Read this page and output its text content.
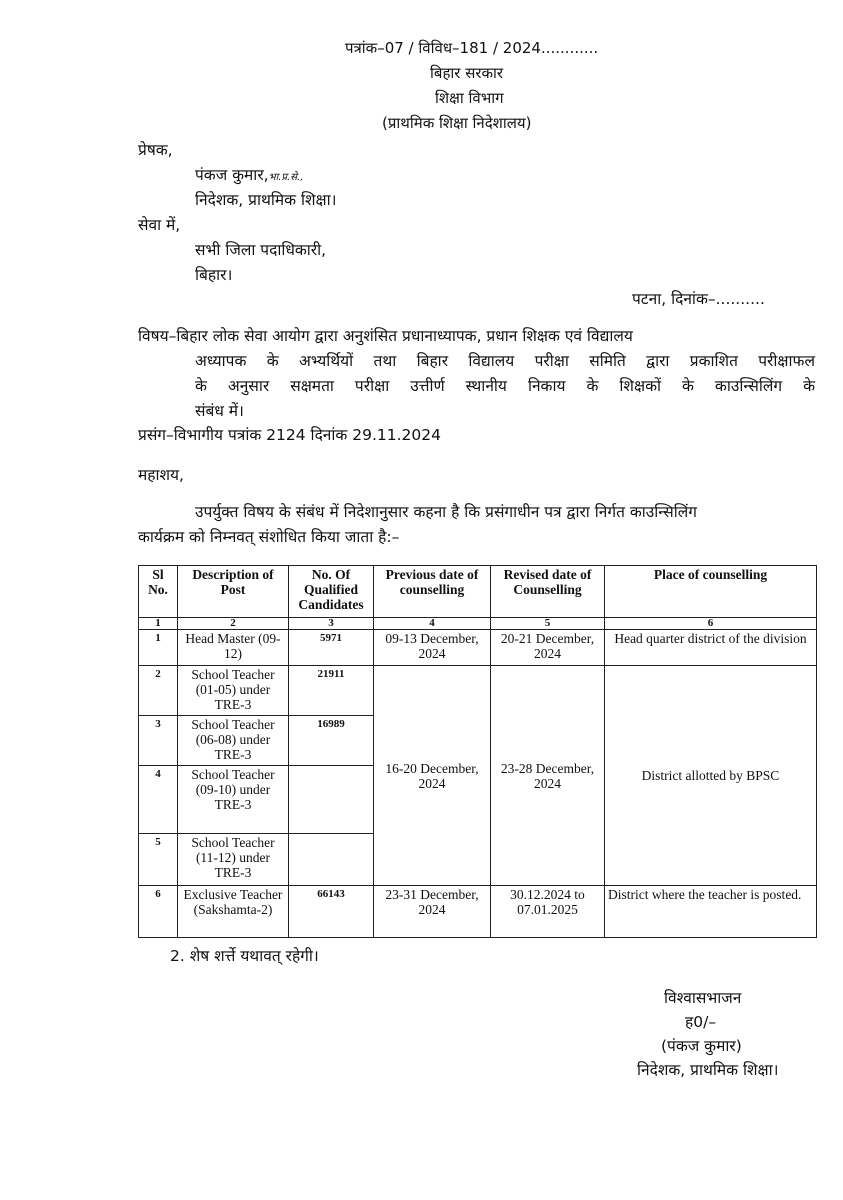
पत्रांक–07 / विविध–181 / 2024............
बिहार सरकार
शिक्षा विभाग
(प्राथमिक शिक्षा निदेशालय)
प्रेषक,
पंकज कुमार,भा.प्र.से.,
निदेशक, प्राथमिक शिक्षा।
सेवा में,
सभी जिला पदाधिकारी,
बिहार।
पटना, दिनांक–..........
विषय–बिहार लोक सेवा आयोग द्वारा अनुशंसित प्रधानाध्यापक, प्रधान शिक्षक एवं विद्यालय
अध्यापक के अभ्यर्थियों तथा बिहार विद्यालय परीक्षा समिति द्वारा प्रकाशित परीक्षाफल
के अनुसार सक्षमता परीक्षा उत्तीर्ण स्थानीय निकाय के शिक्षकों के काउन्सिलिंग के
संबंध में।
प्रसंग–विभागीय पत्रांक 2124 दिनांक 29.11.2024
महाशय,
उपर्युक्त विषय के संबंध में निदेशानुसार कहना है कि प्रसंगाधीन पत्र द्वारा निर्गत काउन्सिलिंग
कार्यक्रम को निम्नवत् संशोधित किया जाता है:–
Sl No.	Description of Post	No. Of Qualified Candidates	Previous date of counselling	Revised date of Counselling	Place of counselling
1	2	3	4	5	6
1	Head Master (09-12)	5971	09-13 December, 2024	20-21 December, 2024	Head quarter district of the division
2	School Teacher (01-05) under TRE-3	21911	16-20 December, 2024	23-28 December, 2024	District allotted by BPSC
3	School Teacher (06-08) under TRE-3	16989			
4	School Teacher (09-10) under TRE-3				
5	School Teacher (11-12) under TRE-3				
6	Exclusive Teacher (Sakshamta-2)	66143	23-31 December, 2024	30.12.2024 to 07.01.2025	District where the teacher is posted.
2. शेष शर्त्ते यथावत् रहेगी।
विश्वासभाजन
ह0/–
(पंकज कुमार)
निदेशक, प्राथमिक शिक्षा।
